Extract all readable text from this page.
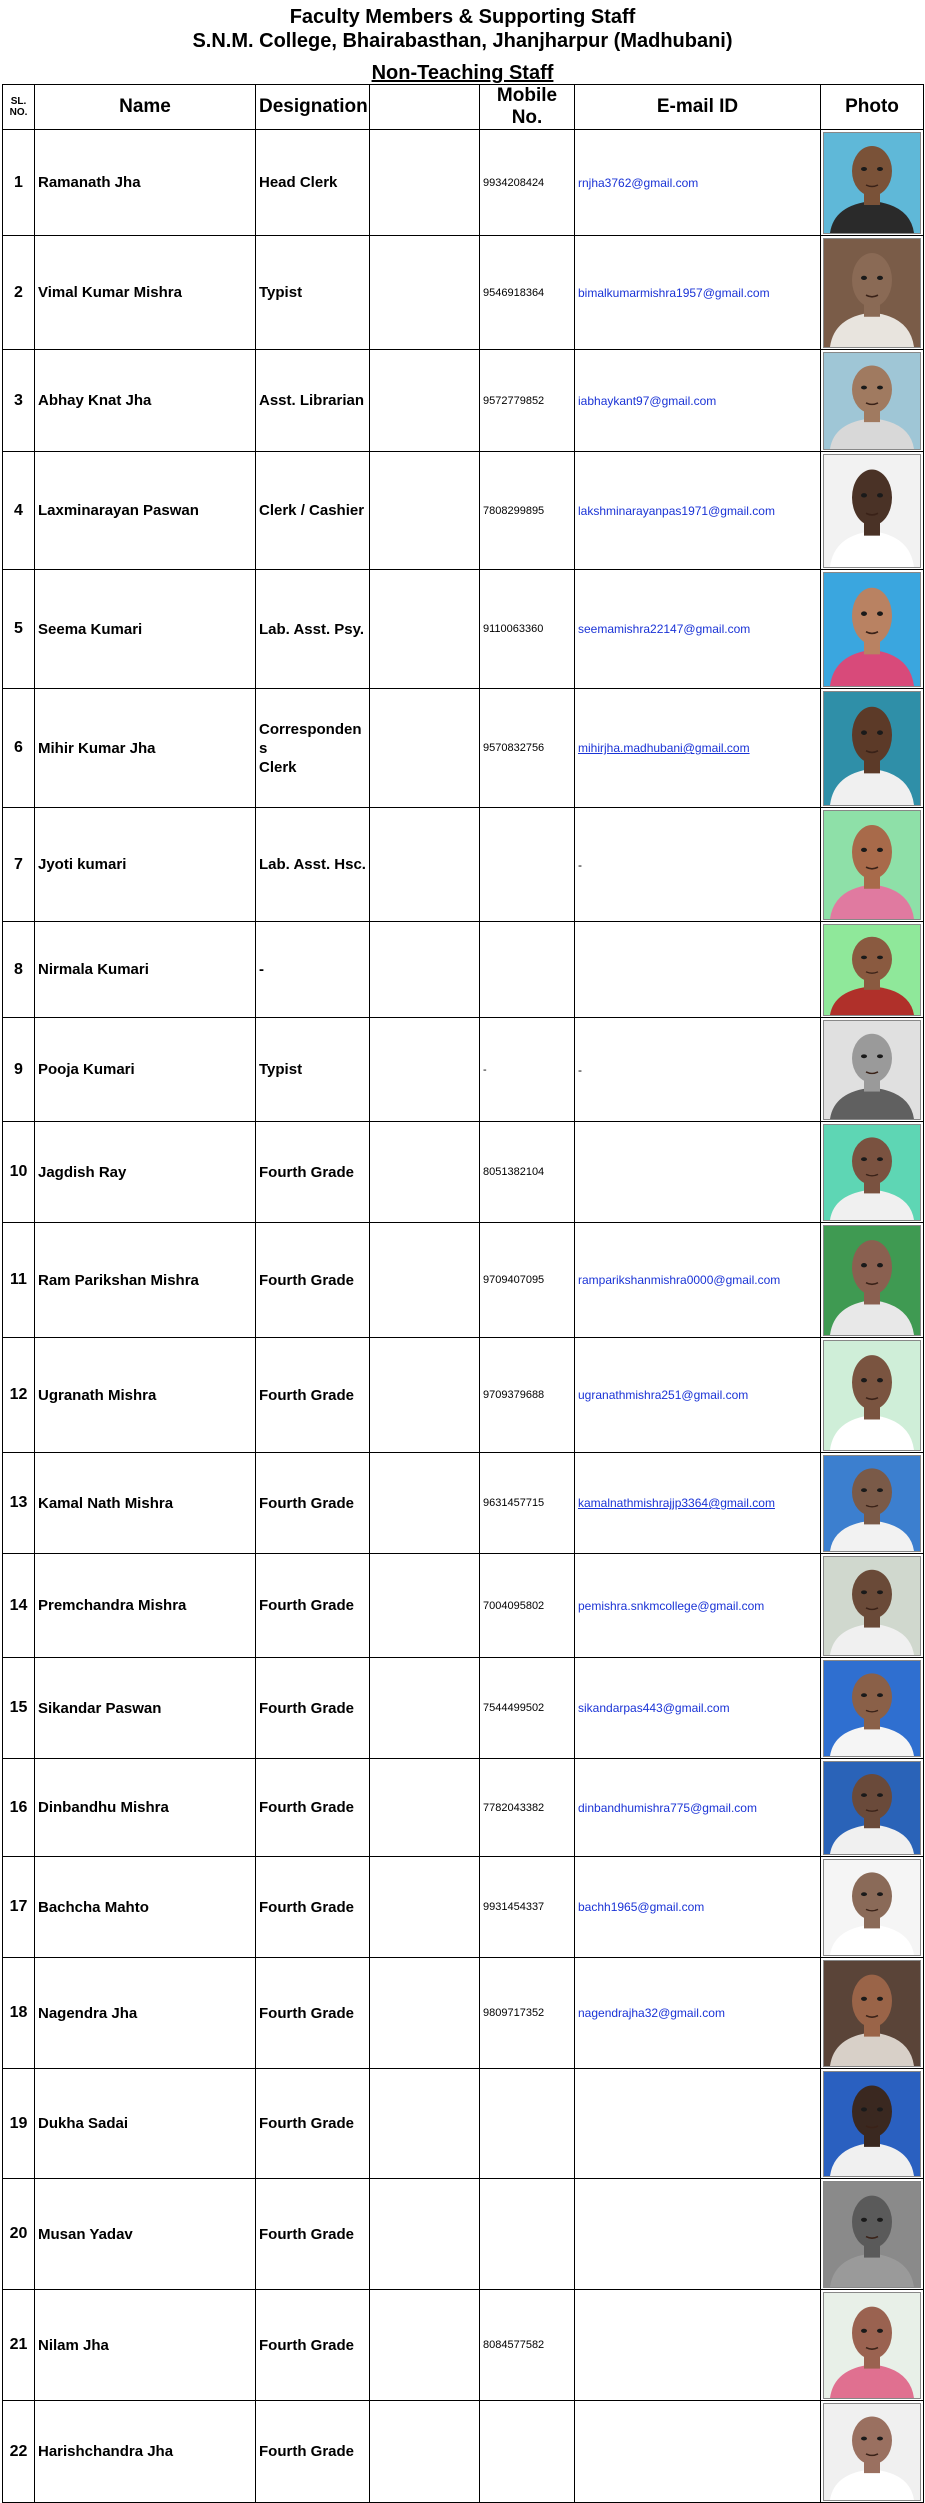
Faculty Members & Supporting Staff
S.N.M. College, Bhairabasthan, Jhanjharpur (Madhubani)
Non-Teaching Staff
SL.
NO.	Name	Designation		Mobile No.	E-mail ID	Photo
1	Ramanath Jha	Head Clerk		9934208424	rnjha3762@gmail.com	

2	Vimal Kumar Mishra	Typist		9546918364	bimalkumarmishra1957@gmail.com	

3	Abhay Knat Jha	Asst. Librarian		9572779852	iabhaykant97@gmail.com	

4	Laxminarayan Paswan	Clerk / Cashier		7808299895	lakshminarayanpas1971@gmail.com	

5	Seema Kumari	Lab. Asst. Psy.		9110063360	seemamishra22147@gmail.com	

6	Mihir Kumar Jha	Corresponden
s
Clerk		9570832756	mihirjha.madhubani@gmail.com	

7	Jyoti kumari	Lab. Asst. Hsc.			-	

8	Nirmala Kumari	-				

9	Pooja Kumari	Typist		-	-	

10	Jagdish Ray	Fourth Grade		8051382104		

11	Ram Parikshan Mishra	Fourth Grade		9709407095	ramparikshanmishra0000@gmail.com	

12	Ugranath Mishra	Fourth Grade		9709379688	ugranathmishra251@gmail.com	

13	Kamal Nath Mishra	Fourth Grade		9631457715	kamalnathmishrajjp3364@gmail.com	

14	Premchandra Mishra	Fourth Grade		7004095802	pemishra.snkmcollege@gmail.com	

15	Sikandar Paswan	Fourth Grade		7544499502	sikandarpas443@gmail.com	

16	Dinbandhu Mishra	Fourth Grade		7782043382	dinbandhumishra775@gmail.com	

17	Bachcha Mahto	Fourth Grade		9931454337	bachh1965@gmail.com	

18	Nagendra Jha	Fourth Grade		9809717352	nagendrajha32@gmail.com	

19	Dukha Sadai	Fourth Grade				

20	Musan Yadav	Fourth Grade				

21	Nilam Jha	Fourth Grade		8084577582		

22	Harishchandra Jha	Fourth Grade				
